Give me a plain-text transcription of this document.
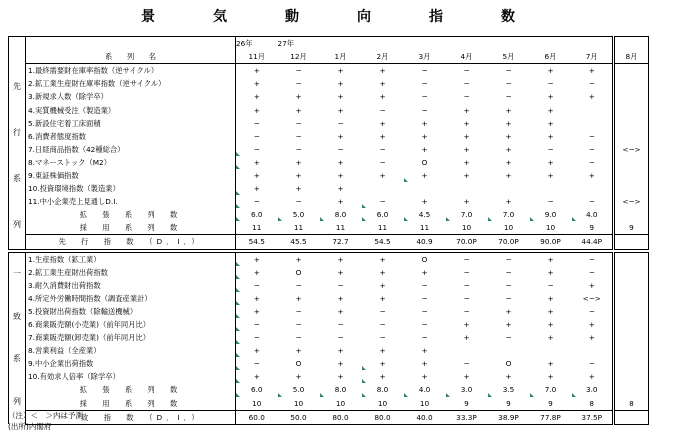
景　気　動　向　指　数
		26年	27年								
	系　　列　　名	11月	12月	1月	2月	3月	4月	5月	6月	7月	8月

先
行
系
列	1.最終需要財在庫率指数（逆サイクル）	+	−	+	+	−	−	−	+	+	
	2.鉱工業生産財在庫率指数（逆サイクル）	+	−	+	+	−	−	−	−	−	
	3.新規求人数（除学卒）	+	+	+	+	−	−	−	+	+	
	4.実質機械受注（製造業）	+	+	+	−	−	+	+	+		
	5.新設住宅着工床面積	−	−	−	+	+	+	+	+		
	6.消費者態度指数	−	−	+	+	+	+	+	+	−	
	7.日経商品指数（42種総合）	−	−	−	−	+	+	+	−	−	<−>
	8.マネーストック（M2）	+	+	+	−	O	+	+	+	−	
	9.東証株価指数	+	+	+	+	+	+	+	+	+	
	10.投資環境指数（製造業）	+	+	+							
	11.中小企業売上見通しD.I.	−	−	+	−	+	+	+	−	−	<−>
	拡　張　系　列　数	6.0	5.0	8.0	6.0	4.5	7.0	7.0	9.0	4.0

	採　用　系　列　数	11	11	11	11	11	10	10	10	9	9
	先　行　指　数　（D．I．）	54.5	45.5	72.7	54.5	40.9	70.0P	70.0P	90.0P	44.4P	

一
致
系
列	1.生産指数（鉱工業）	+	+	+	+	O	−	−	+	−	
	2.鉱工業生産財出荷指数	+	O	+	+	+	−	−	+	−	
	3.耐久消費財出荷指数	−	−	−	+	−	−	−	−	+	
	4.所定外労働時間指数（調査産業計）	+	+	+	+	−	−	−	+	<−>	
	5.投資財出荷指数（除輸送機械）	+	−	+	−	−	−	+	+	−	
	6.商業販売額(小売業)（前年同月比）	−	−	−	−	−	+	+	+	+	
	7.商業販売額(卸売業)（前年同月比）	−	−	−	−	−	+	−	+	+	
	8.営業利益（全産業）	+	+	+	+	+					
	9.中小企業出荷指数	−	O	+	+	+	−	O	+	−	
	10.有効求人倍率（除学卒）	+	+	+	+	+	+	+	+	+	
	拡　張　系　列　数	6.0	5.0	8.0	8.0	4.0	3.0	3.5	7.0	3.0

	採　用　系　列　数	10	10	10	10	10	9	9	9	8	8
	一　致　指　数　（D．I．）	60.0	50.0	80.0	80.0	40.0	33.3P	38.9P	77.8P	37.5P	
（注）＜　＞内は予測
(出所)内閣府
